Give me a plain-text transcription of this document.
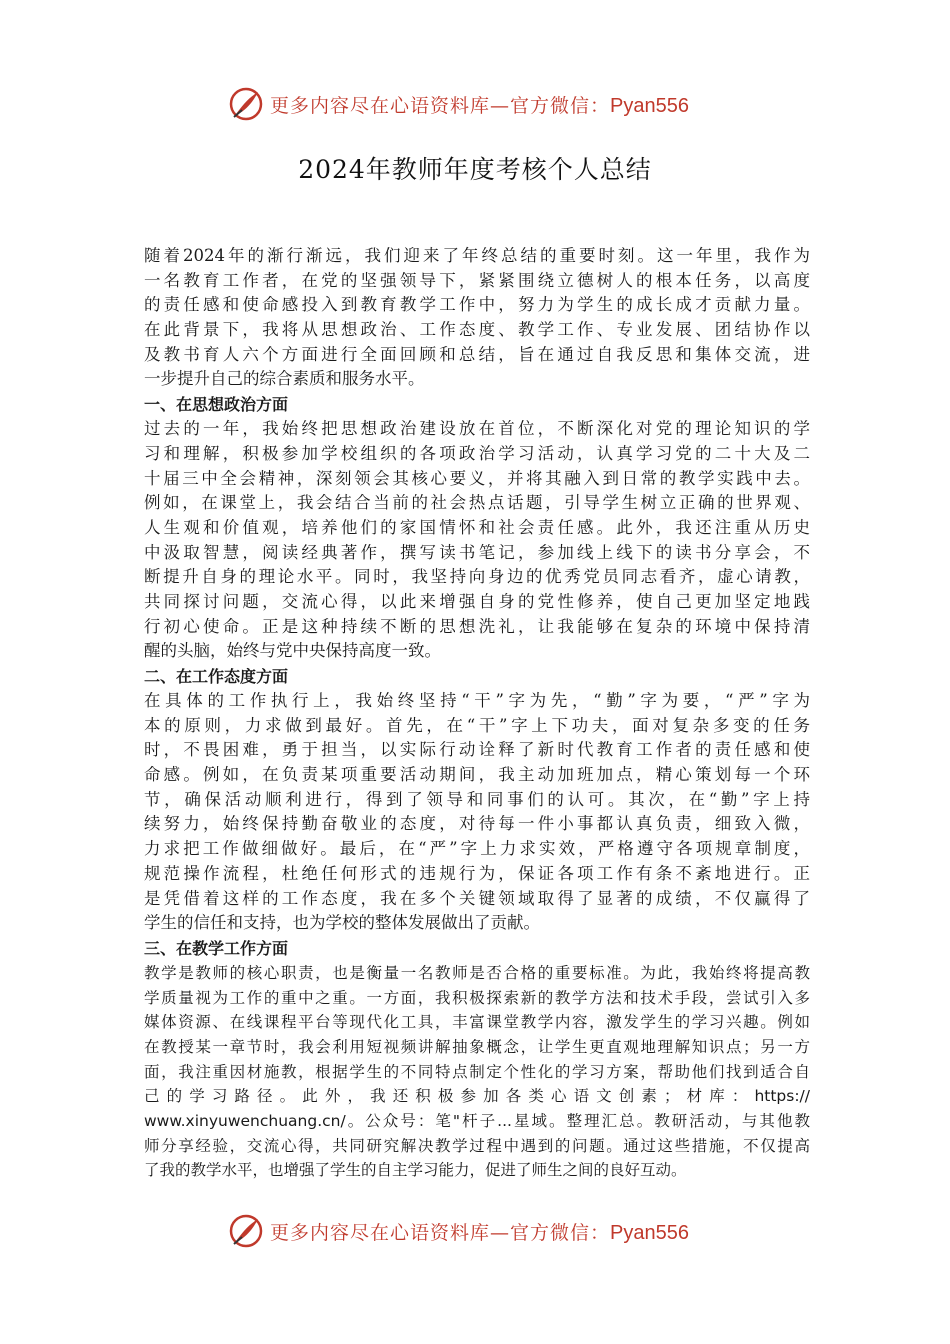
更多内容尽在心语资料库—官方微信：Pyan556
2024年教师年度考核个人总结
随着2024年的渐行渐远，我们迎来了年终总结的重要时刻。这一年里，我作为
一名教育工作者，在党的坚强领导下，紧紧围绕立德树人的根本任务，以高度
的责任感和使命感投入到教育教学工作中，努力为学生的成长成才贡献力量。
在此背景下，我将从思想政治、工作态度、教学工作、专业发展、团结协作以
及教书育人六个方面进行全面回顾和总结，旨在通过自我反思和集体交流，进
一步提升自己的综合素质和服务水平。
一、在思想政治方面
过去的一年，我始终把思想政治建设放在首位，不断深化对党的理论知识的学
习和理解，积极参加学校组织的各项政治学习活动，认真学习党的二十大及二
十届三中全会精神，深刻领会其核心要义，并将其融入到日常的教学实践中去。
例如，在课堂上，我会结合当前的社会热点话题，引导学生树立正确的世界观、
人生观和价值观，培养他们的家国情怀和社会责任感。此外，我还注重从历史
中汲取智慧，阅读经典著作，撰写读书笔记，参加线上线下的读书分享会，不
断提升自身的理论水平。同时，我坚持向身边的优秀党员同志看齐，虚心请教，
共同探讨问题，交流心得，以此来增强自身的党性修养，使自己更加坚定地践
行初心使命。正是这种持续不断的思想洗礼，让我能够在复杂的环境中保持清
醒的头脑，始终与党中央保持高度一致。
二、在工作态度方面
在具体的工作执行上，我始终坚持“干”字为先，“勤”字为要，“严”字为
本的原则，力求做到最好。首先，在“干”字上下功夫，面对复杂多变的任务
时，不畏困难，勇于担当，以实际行动诠释了新时代教育工作者的责任感和使
命感。例如，在负责某项重要活动期间，我主动加班加点，精心策划每一个环
节，确保活动顺利进行，得到了领导和同事们的认可。其次，在“勤”字上持
续努力，始终保持勤奋敬业的态度，对待每一件小事都认真负责，细致入微，
力求把工作做细做好。最后，在“严”字上力求实效，严格遵守各项规章制度，
规范操作流程，杜绝任何形式的违规行为，保证各项工作有条不紊地进行。正
是凭借着这样的工作态度，我在多个关键领域取得了显著的成绩，不仅赢得了
学生的信任和支持，也为学校的整体发展做出了贡献。
三、在教学工作方面
教学是教师的核心职责，也是衡量一名教师是否合格的重要标准。为此，我始终将提高教
学质量视为工作的重中之重。一方面，我积极探索新的教学方法和技术手段，尝试引入多
媒体资源、在线课程平台等现代化工具，丰富课堂教学内容，激发学生的学习兴趣。例如
在教授某一章节时，我会利用短视频讲解抽象概念，让学生更直观地理解知识点；另一方
面，我注重因材施教，根据学生的不同特点制定个性化的学习方案，帮助他们找到适合自
己的学习路径。此外，我还积极参加各类心语文创素；材库：https://
www.xinyuwenchuang.cn/。公众号：笔"杆子...星域。整理汇总。教研活动，与其他教
师分享经验，交流心得，共同研究解决教学过程中遇到的问题。通过这些措施，不仅提高
了我的教学水平，也增强了学生的自主学习能力，促进了师生之间的良好互动。
更多内容尽在心语资料库—官方微信：Pyan556
